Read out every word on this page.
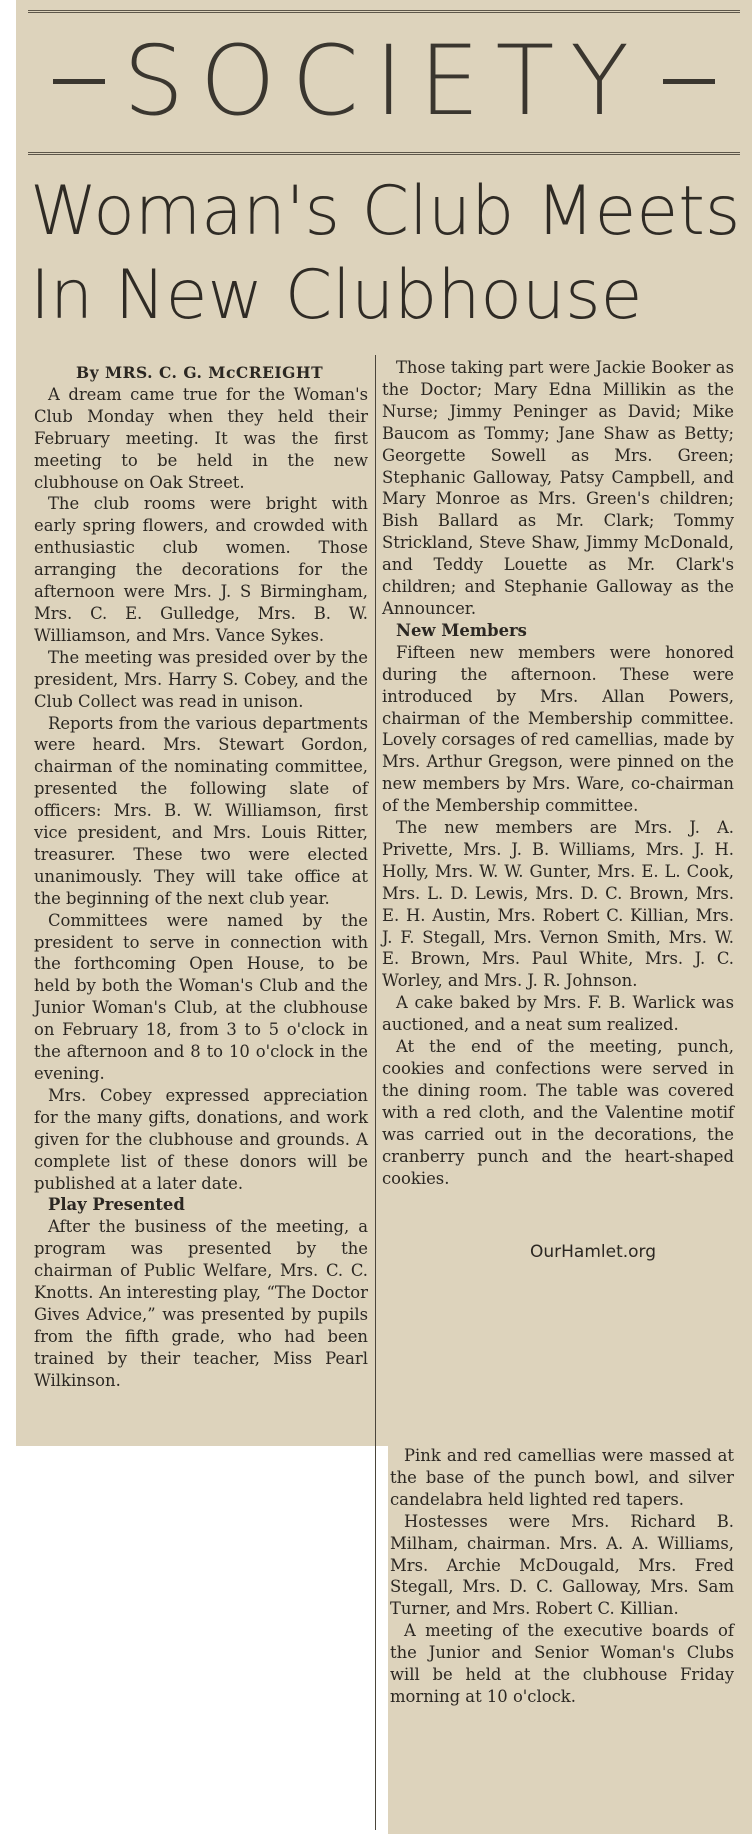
SOCIETY
Woman's Club Meets
In New Clubhouse

By MRS. C. G. McCREIGHT

A dream came true for the Woman's Club Monday when they held their February meeting. It was the first meeting to be held in the new clubhouse on Oak Street.

The club rooms were bright with early spring flowers, and crowded with enthusiastic club women. Those arranging the decorations for the afternoon were Mrs. J. S Birmingham, Mrs. C. E. Gulledge, Mrs. B. W. Williamson, and Mrs. Vance Sykes.

The meeting was presided over by the president, Mrs. Harry S. Cobey, and the Club Collect was read in unison.

Reports from the various departments were heard. Mrs. Stewart Gordon, chairman of the nominating committee, presented the following slate of officers: Mrs. B. W. Williamson, first vice president, and Mrs. Louis Ritter, treasurer. These two were elected unanimously. They will take office at the beginning of the next club year.

Committees were named by the president to serve in connection with the forthcoming Open House, to be held by both the Woman's Club and the Junior Woman's Club, at the clubhouse on February 18, from 3 to 5 o'clock in the afternoon and 8 to 10 o'clock in the evening.

Mrs. Cobey expressed appreciation for the many gifts, donations, and work given for the clubhouse and grounds. A complete list of these donors will be published at a later date.

Play Presented

After the business of the meeting, a program was presented by the chairman of Public Welfare, Mrs. C. C. Knotts. An interesting play, “The Doctor Gives Advice,” was presented by pupils from the fifth grade, who had been trained by their teacher, Miss Pearl Wilkinson.

Those taking part were Jackie Booker as the Doctor; Mary Edna Millikin as the Nurse; Jimmy Peninger as David; Mike Baucom as Tommy; Jane Shaw as Betty; Georgette Sowell as Mrs. Green; Stephanic Galloway, Patsy Campbell, and Mary Monroe as Mrs. Green's children; Bish Ballard as Mr. Clark; Tommy Strickland, Steve Shaw, Jimmy McDonald, and Teddy Louette as Mr. Clark's children; and Stephanie Galloway as the Announcer.

New Members

Fifteen new members were honored during the afternoon. These were introduced by Mrs. Allan Powers, chairman of the Membership committee. Lovely corsages of red camellias, made by Mrs. Arthur Gregson, were pinned on the new members by Mrs. Ware, co-chairman of the Membership committee.

The new members are Mrs. J. A. Privette, Mrs. J. B. Williams, Mrs. J. H. Holly, Mrs. W. W. Gunter, Mrs. E. L. Cook, Mrs. L. D. Lewis, Mrs. D. C. Brown, Mrs. E. H. Austin, Mrs. Robert C. Killian, Mrs. J. F. Stegall, Mrs. Vernon Smith, Mrs. W. E. Brown, Mrs. Paul White, Mrs. J. C. Worley, and Mrs. J. R. Johnson.

A cake baked by Mrs. F. B. Warlick was auctioned, and a neat sum realized.

At the end of the meeting, punch, cookies and confections were served in the dining room. The table was covered with a red cloth, and the Valentine motif was carried out in the decorations, the cranberry punch and the heart-shaped cookies.

Pink and red camellias were massed at the base of the punch bowl, and silver candelabra held lighted red tapers.

Hostesses were Mrs. Richard B. Milham, chairman. Mrs. A. A. Williams, Mrs. Archie McDougald, Mrs. Fred Stegall, Mrs. D. C. Galloway, Mrs. Sam Turner, and Mrs. Robert C. Killian.

A meeting of the executive boards of the Junior and Senior Woman's Clubs will be held at the clubhouse Friday morning at 10 o'clock.

OurHamlet.org
